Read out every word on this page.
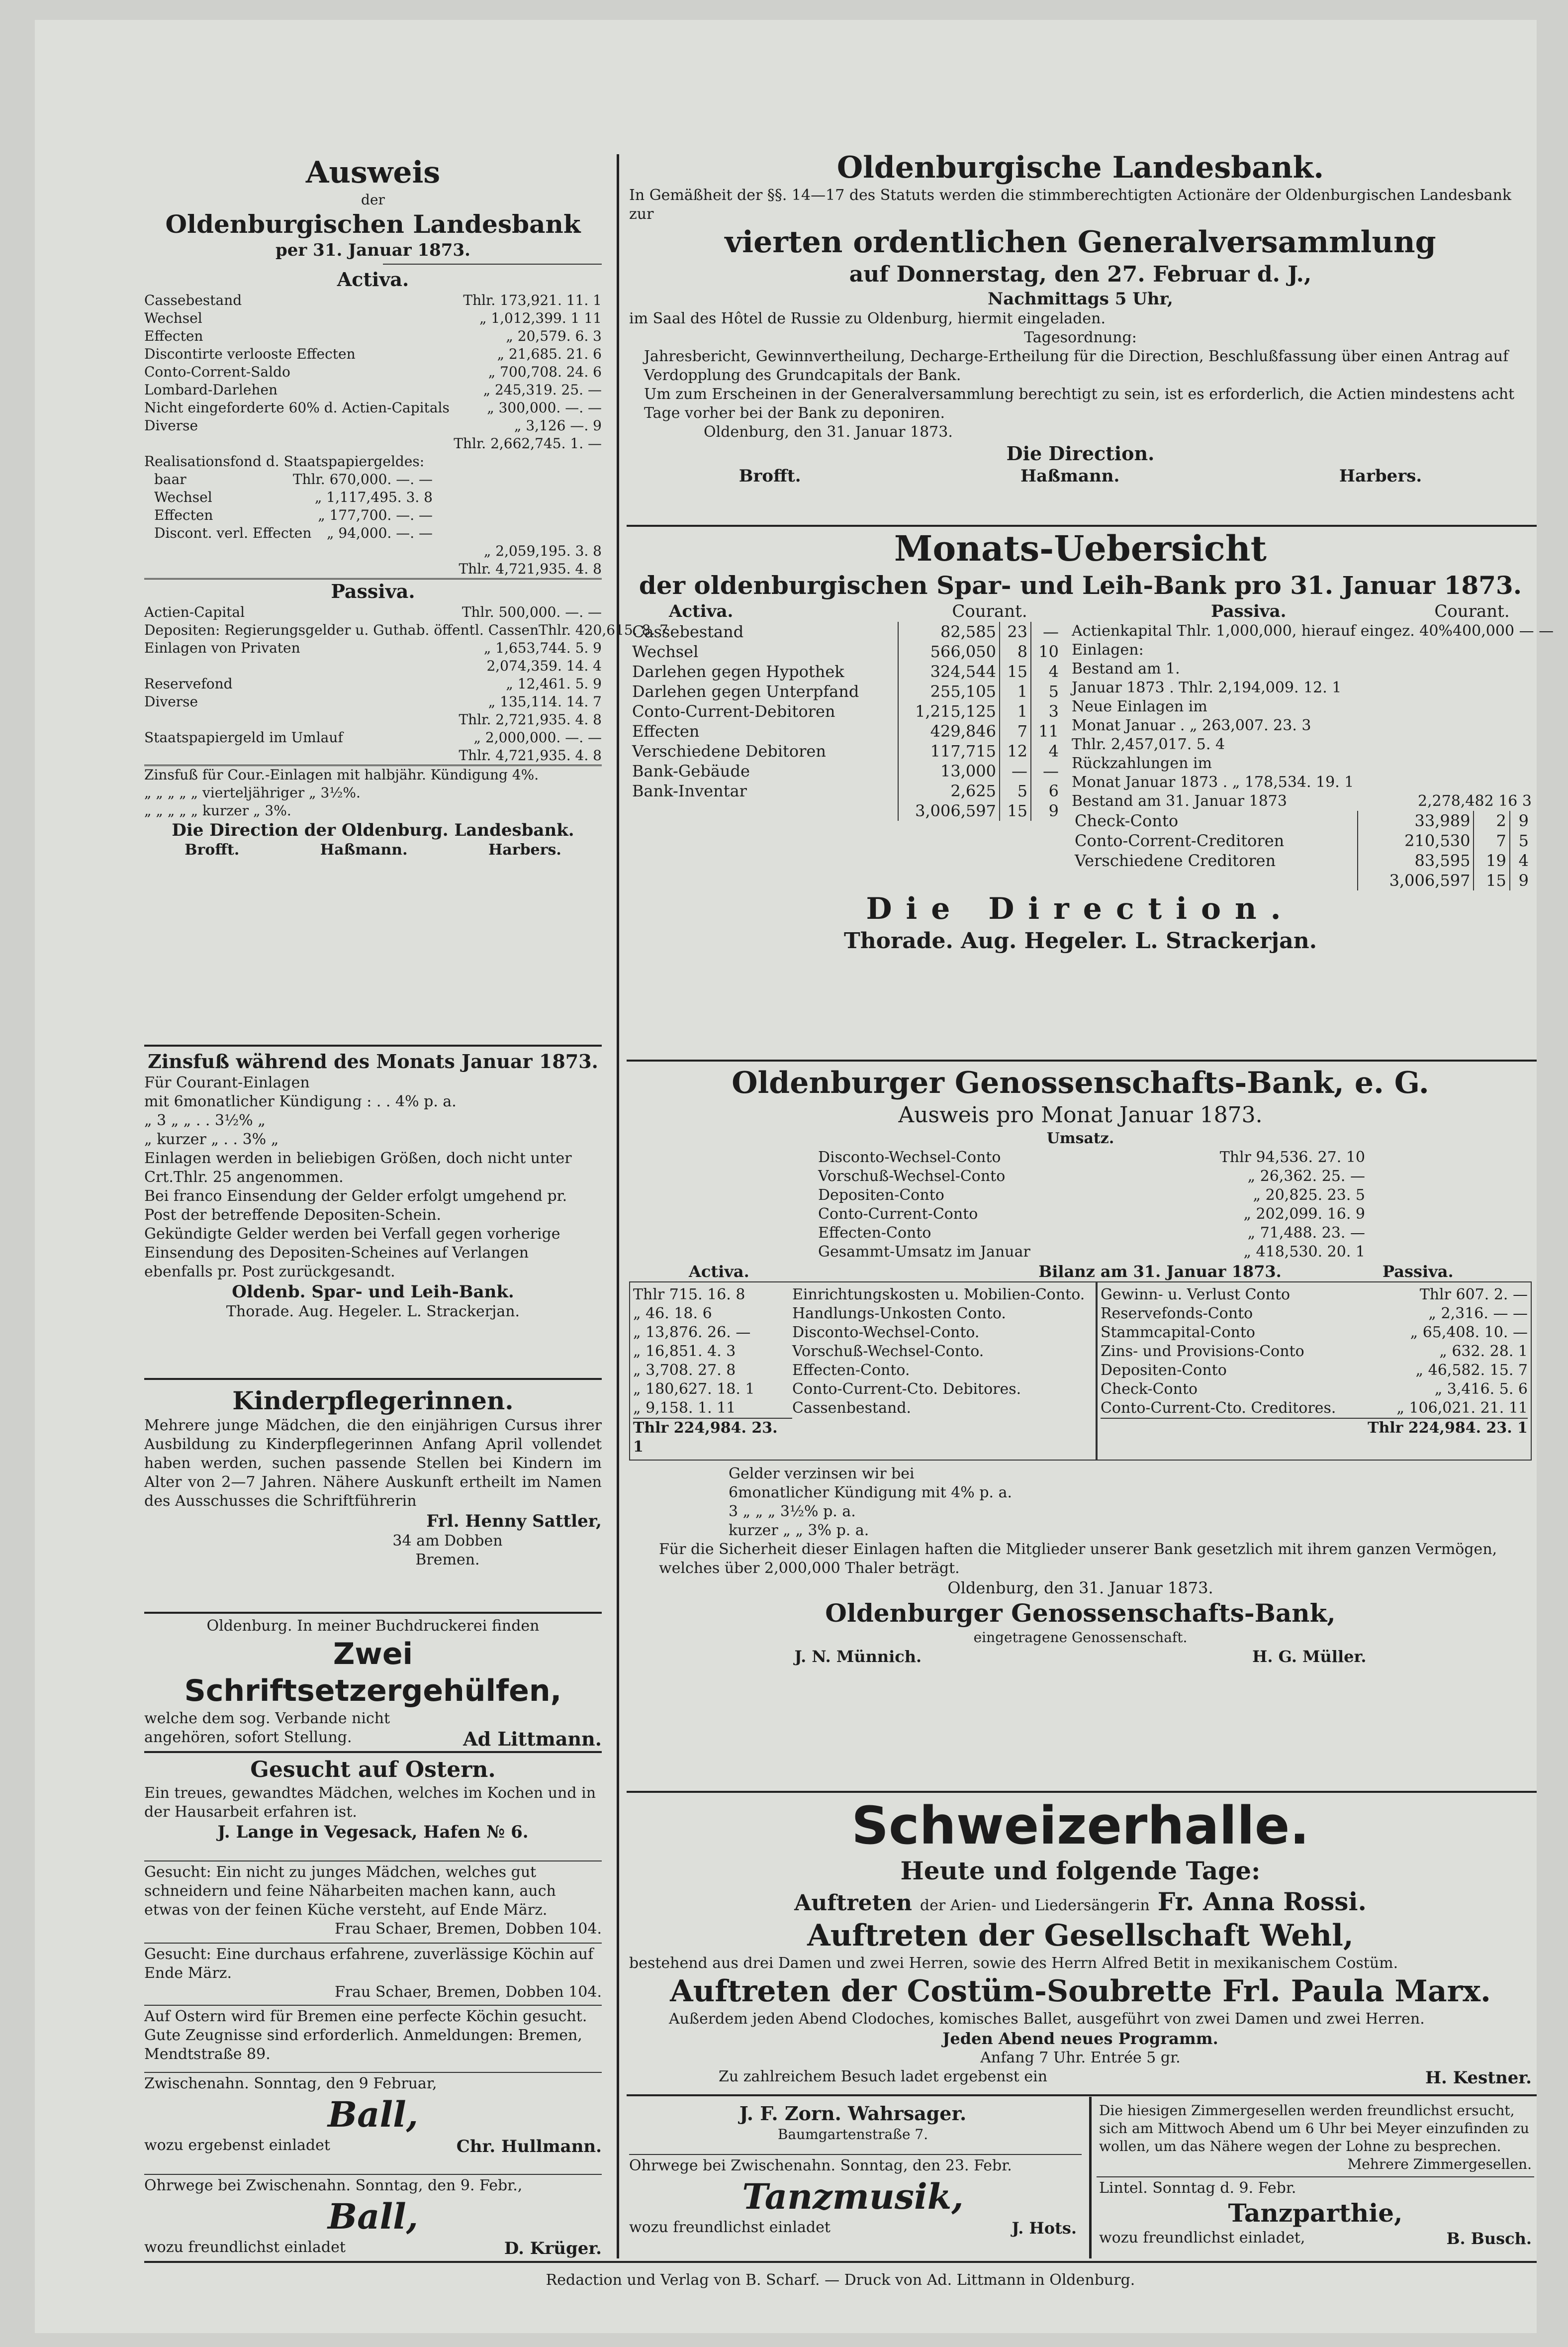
Ausweis
der
Oldenburgischen Landesbank
per 31. Januar 1873.
Activa.
Cassebestand	Thlr. 173,921. 11. 1
Wechsel	„ 1,012,399. 1 11
Effecten	„ 20,579. 6. 3
Discontirte verlooste Effecten	„ 21,685. 21. 6
Conto-Corrent-Saldo	„ 700,708. 24. 6
Lombard-Darlehen	„ 245,319. 25. —
Nicht eingeforderte 60% d. Actien-Capitals	„ 300,000. —. —
Diverse	„ 3,126 —. 9
Thlr. 2,662,745. 1. —
Realisationsfond d. Staatspapiergeldes:
baar	Thlr. 670,000. —. —
Wechsel	„ 1,117,495. 3. 8
Effecten	„ 177,700. —. —
Discont. verl. Effecten	„ 94,000. —. —
„ 2,059,195. 3. 8
Thlr. 4,721,935. 4. 8
Passiva.
Actien-Capital	Thlr. 500,000. —. —
Depositen: Regierungsgelder u. Guthab. öffentl. Cassen Thlr. 420,615. 8. 7
Einlagen von Privaten	„ 1,653,744. 5. 9
2,074,359. 14. 4
Reservefond	„ 12,461. 5. 9
Diverse	„ 135,114. 14. 7
Thlr. 2,721,935. 4. 8
Staatspapiergeld im Umlauf	„ 2,000,000. —. —
Thlr. 4,721,935. 4. 8
Zinsfuß für Cour.-Einlagen mit halbjähr. Kündigung 4%.
„ „ „ „ „ vierteljähriger „ 3½%.
„ „ „ „ „ kurzer „ 3%.
Die Direction der Oldenburg. Landesbank.
Brofft.	Haßmann.	Harbers.
Zinsfuß während des Monats Januar 1873.
Für Courant-Einlagen
mit 6monatlicher Kündigung : . . 4% p. a.
„ 3 „ „ . . 3½% „
„ kurzer „ . . 3% „
Einlagen werden in beliebigen Größen, doch nicht unter Crt.Thlr. 25 angenommen.
Bei franco Einsendung der Gelder erfolgt umgehend pr. Post der betreffende Depositen-Schein.
Gekündigte Gelder werden bei Verfall gegen vorherige Einsendung des Depositen-Scheines auf Verlangen ebenfalls pr. Post zurückgesandt.
Oldenb. Spar- und Leih-Bank.
Thorade. Aug. Hegeler. L. Strackerjan.
Kinderpflegerinnen.
Mehrere junge Mädchen, die den einjährigen Cursus ihrer Ausbildung zu Kinderpflegerinnen Anfang April vollendet haben werden, suchen passende Stellen bei Kindern im Alter von 2—7 Jahren. Nähere Auskunft ertheilt im Namen des Ausschusses die Schriftführerin
Frl. Henny Sattler,
34 am Dobben
Bremen.
Oldenburg. In meiner Buchdruckerei finden
Zwei Schriftsetzergehülfen,
welche dem sog. Verbande nicht angehören, sofort Stellung.	Ad Littmann.
Gesucht auf Ostern.
Ein treues, gewandtes Mädchen, welches im Kochen und in der Hausarbeit erfahren ist.
J. Lange in Vegesack, Hafen № 6.
Gesucht: Ein nicht zu junges Mädchen, welches gut schneidern und feine Näharbeiten machen kann, auch etwas von der feinen Küche versteht, auf Ende März.
Frau Schaer, Bremen, Dobben 104.
Gesucht: Eine durchaus erfahrene, zuverlässige Köchin auf Ende März.
Frau Schaer, Bremen, Dobben 104.
Auf Ostern wird für Bremen eine perfecte Köchin gesucht. Gute Zeugnisse sind erforderlich. Anmeldungen: Bremen, Mendtstraße 89.
Zwischenahn. Sonntag, den 9 Februar,
Ball,
wozu ergebenst einladet	Chr. Hullmann.
Ohrwege bei Zwischenahn. Sonntag, den 9. Febr.,
Ball,
wozu freundlichst einladet	D. Krüger.
Oldenburgische Landesbank.
In Gemäßheit der §§. 14—17 des Statuts werden die stimmberechtigten Actionäre der Oldenburgischen Landesbank zur
vierten ordentlichen Generalversammlung
auf Donnerstag, den 27. Februar d. J.,
Nachmittags 5 Uhr,
im Saal des Hôtel de Russie zu Oldenburg, hiermit eingeladen.
Tagesordnung:
Jahresbericht, Gewinnvertheilung, Decharge-Ertheilung für die Direction, Beschlußfassung über einen Antrag auf Verdopplung des Grundcapitals der Bank.
Um zum Erscheinen in der Generalversammlung berechtigt zu sein, ist es erforderlich, die Actien mindestens acht Tage vorher bei der Bank zu deponiren.
Oldenburg, den 31. Januar 1873.
Die Direction.
Brofft.	Haßmann.	Harbers.
Monats-Uebersicht
der oldenburgischen Spar- und Leih-Bank pro 31. Januar 1873.
Activa.	Courant.
Cassebestand	82,585	23	—
Wechsel	566,050	8	10
Darlehen gegen Hypothek	324,544	15	4
Darlehen gegen Unterpfand	255,105	1	5
Conto-Current-Debitoren	1,215,125	1	3
Effecten	429,846	7	11
Verschiedene Debitoren	117,715	12	4
Bank-Gebäude	13,000	—	—
Bank-Inventar	2,625	5	6
	3,006,597	15	9
Passiva.	Courant.
Actienkapital Thlr. 1,000,000, hierauf eingez. 40% 400,000 — —
Einlagen:
Bestand am 1.
Januar 1873 . Thlr. 2,194,009. 12. 1
Neue Einlagen im
Monat Januar . „ 263,007. 23. 3
Thlr. 2,457,017. 5. 4
Rückzahlungen im
Monat Januar 1873 . „ 178,534. 19. 1
Bestand am 31. Januar 1873	2,278,482 16 3
Check-Conto	33,989	2	9
Conto-Corrent-Creditoren	210,530	7	5
Verschiedene Creditoren	83,595	19	4
	3,006,597	15	9
Die Direction.
Thorade. Aug. Hegeler. L. Strackerjan.
Oldenburger Genossenschafts-Bank, e. G.
Ausweis pro Monat Januar 1873.
Umsatz.
Disconto-Wechsel-Conto	Thlr 94,536. 27. 10
Vorschuß-Wechsel-Conto	„ 26,362. 25. —
Depositen-Conto	„ 20,825. 23. 5
Conto-Current-Conto	„ 202,099. 16. 9
Effecten-Conto	„ 71,488. 23. —
Gesammt-Umsatz im Januar	„ 418,530. 20. 1
Activa.	Bilanz am 31. Januar 1873.	Passiva.
Thlr 715. 16. 8	Einrichtungskosten u. Mobilien-Conto.
„ 46. 18. 6	Handlungs-Unkosten Conto.
„ 13,876. 26. —	Disconto-Wechsel-Conto.
„ 16,851. 4. 3	Vorschuß-Wechsel-Conto.
„ 3,708. 27. 8	Effecten-Conto.
„ 180,627. 18. 1	Conto-Current-Cto. Debitores.
„ 9,158. 1. 11	Cassenbestand.
Thlr 224,984. 23. 1
Gewinn- u. Verlust Conto	Thlr 607. 2. —
Reservefonds-Conto	„ 2,316. — —
Stammcapital-Conto	„ 65,408. 10. —
Zins- und Provisions-Conto	„ 632. 28. 1
Depositen-Conto	„ 46,582. 15. 7
Check-Conto	„ 3,416. 5. 6
Conto-Current-Cto. Creditores.	„ 106,021. 21. 11
Thlr 224,984. 23. 1
Gelder verzinsen wir bei
6monatlicher Kündigung mit 4% p. a.
3 „ „ „ 3½% p. a.
kurzer „ „ 3% p. a.
Für die Sicherheit dieser Einlagen haften die Mitglieder unserer Bank gesetzlich mit ihrem ganzen Vermögen, welches über 2,000,000 Thaler beträgt.
Oldenburg, den 31. Januar 1873.
Oldenburger Genossenschafts-Bank,
eingetragene Genossenschaft.
J. N. Münnich.	H. G. Müller.
Schweizerhalle.
Heute und folgende Tage:
Auftreten der Arien- und Liedersängerin Fr. Anna Rossi.
Auftreten der Gesellschaft Wehl,
bestehend aus drei Damen und zwei Herren, sowie des Herrn Alfred Betit in mexikanischem Costüm.
Auftreten der Costüm-Soubrette Frl. Paula Marx.
Außerdem jeden Abend Clodoches, komisches Ballet, ausgeführt von zwei Damen und zwei Herren.
Jeden Abend neues Programm.
Anfang 7 Uhr. Entrée 5 gr.
Zu zahlreichem Besuch ladet ergebenst ein	H. Kestner.
J. F. Zorn. Wahrsager.
Baumgartenstraße 7.
Ohrwege bei Zwischenahn. Sonntag, den 23. Febr.
Tanzmusik,
wozu freundlichst einladet	J. Hots.
Die hiesigen Zimmergesellen werden freundlichst ersucht, sich am Mittwoch Abend um 6 Uhr bei Meyer einzufinden zu wollen, um das Nähere wegen der Lohne zu besprechen.
Mehrere Zimmergesellen.
Lintel. Sonntag d. 9. Febr.
Tanzparthie,
wozu freundlichst einladet,	B. Busch.
Redaction und Verlag von B. Scharf. — Druck von Ad. Littmann in Oldenburg.
